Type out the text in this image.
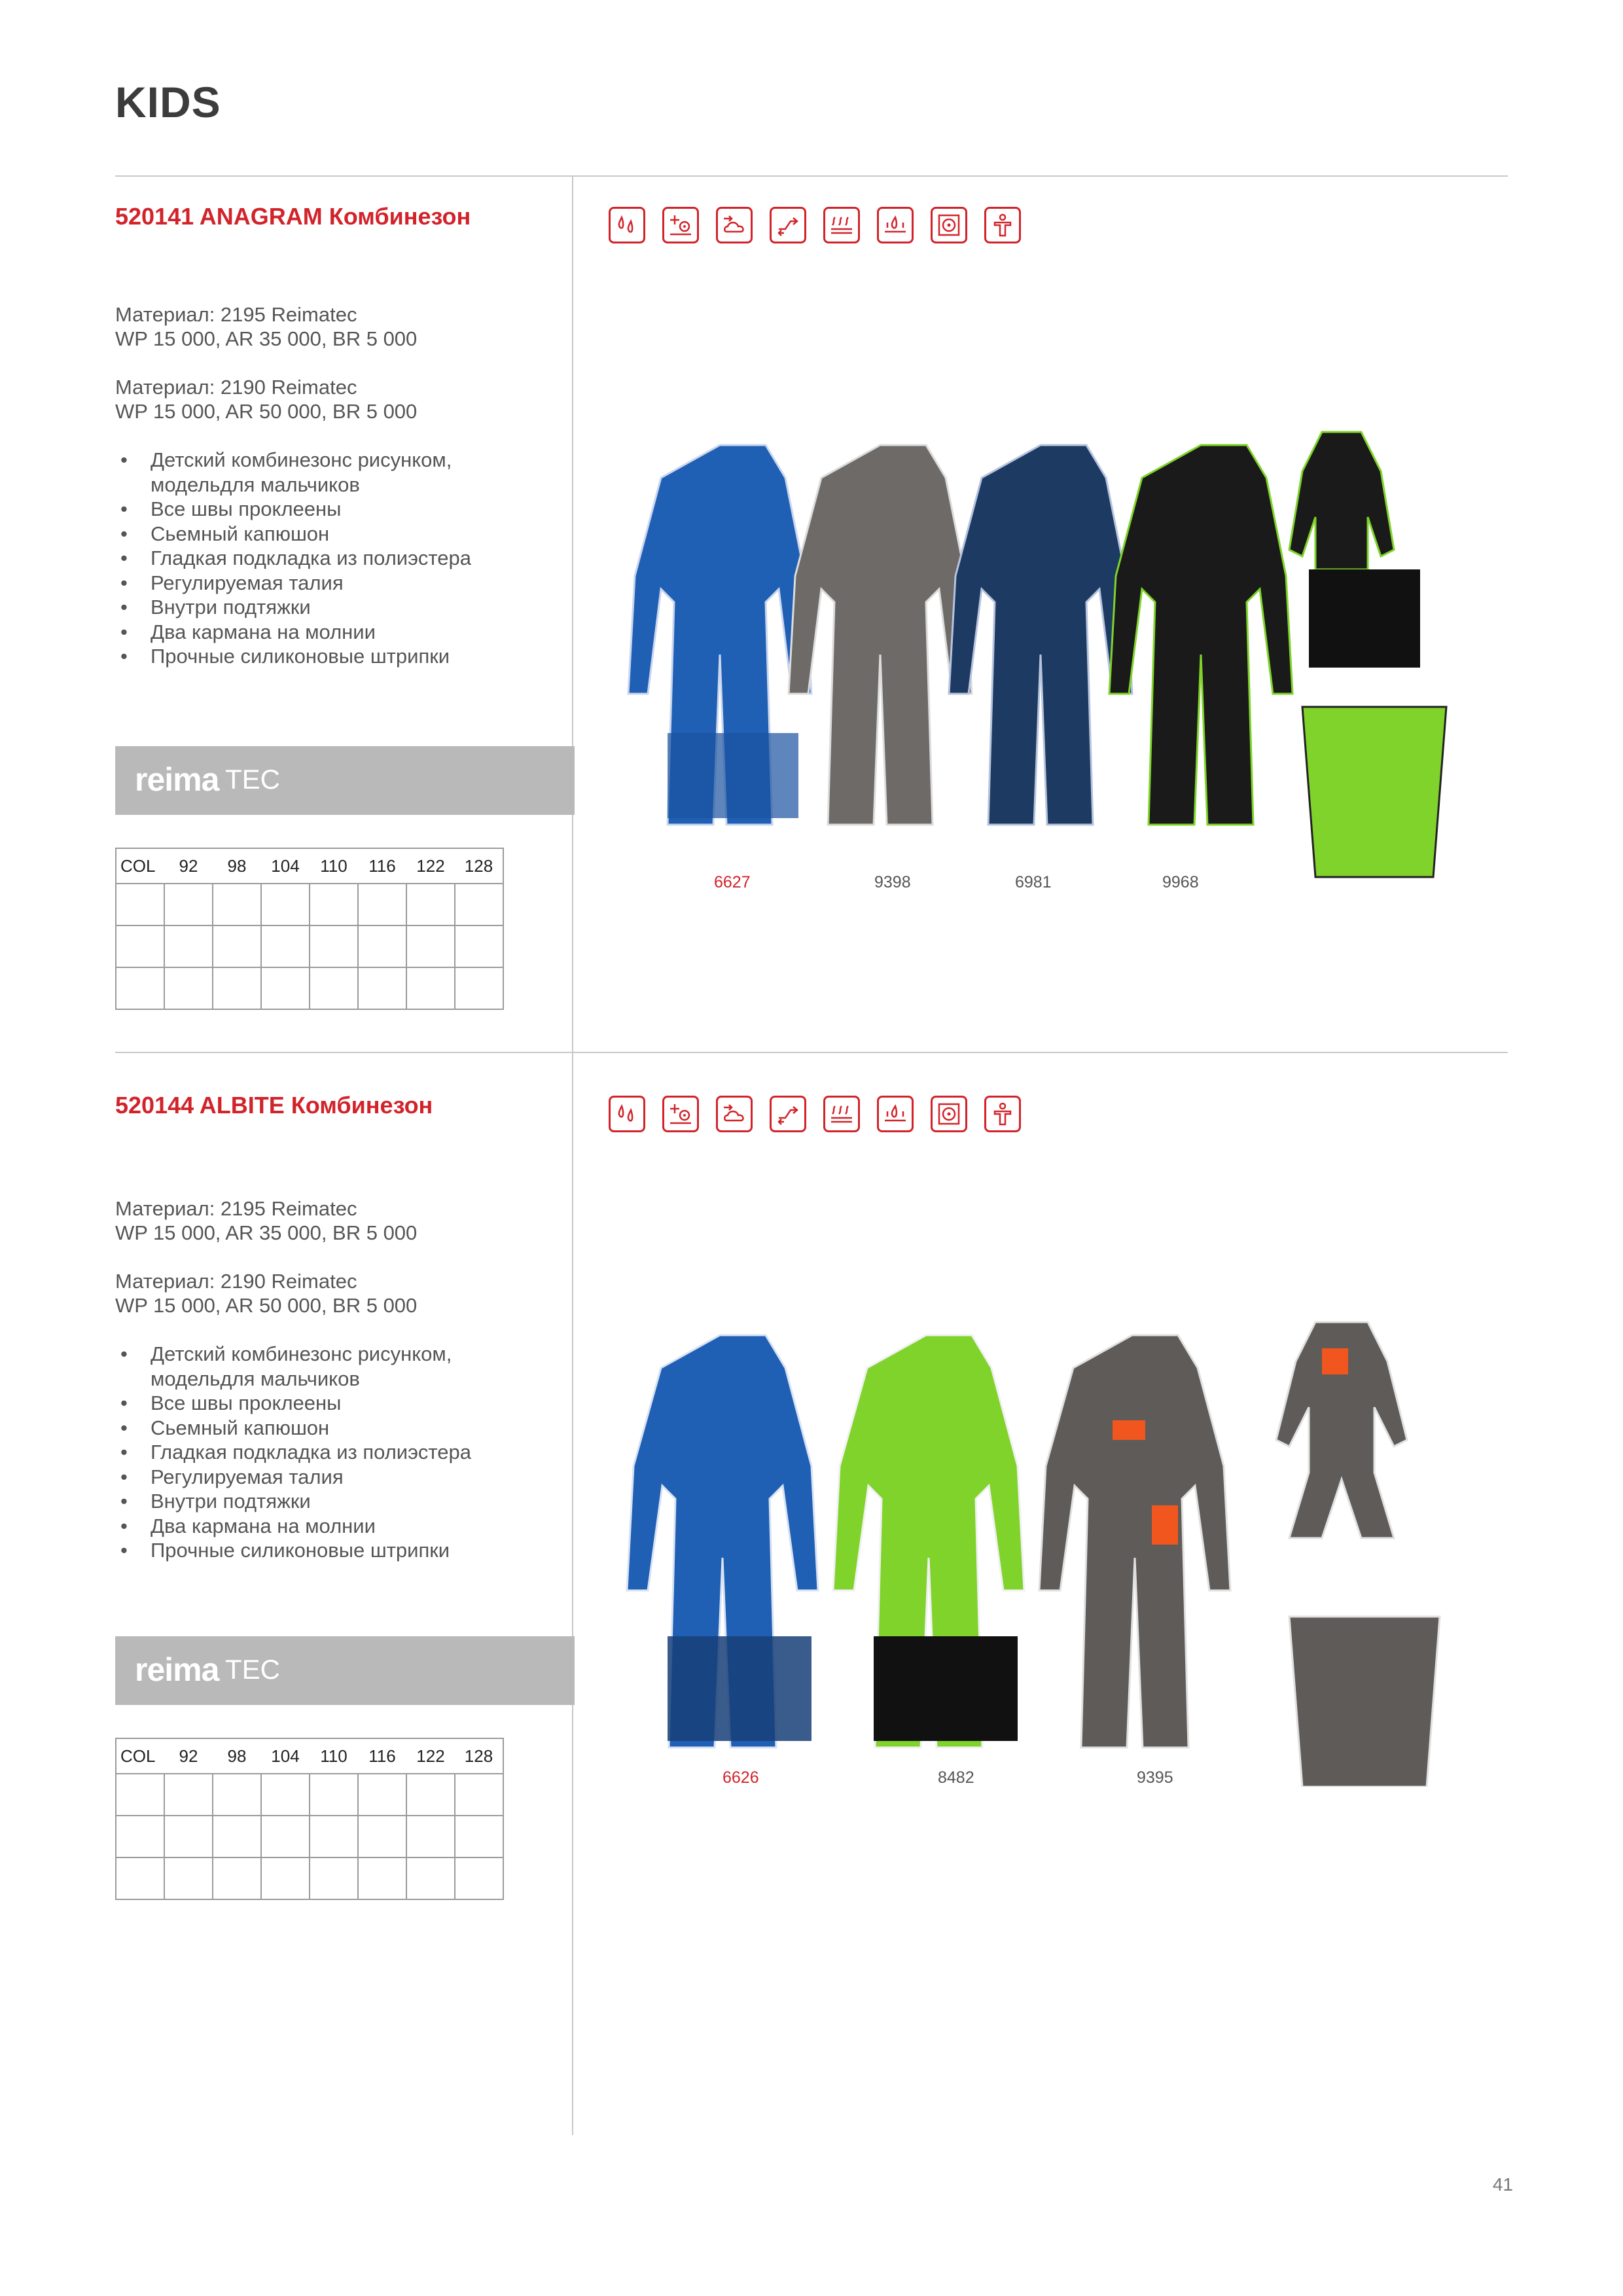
KIDS
520141 ANAGRAM Комбинезон
Материал: 2195 Reimatec
WP 15 000, AR 35 000, BR 5 000
Материал: 2190 Reimatec
WP 15 000, AR 50 000, BR 5 000
• Детский комбинезонс рисунком,
модельдля мальчиков
• Все швы проклеены
• Сьемный капюшон
• Гладкая подкладка из полиэстера
• Регулируемая талия
• Внутри подтяжки
• Два кармана на молнии
• Прочные силиконовые штрипки
reima TEC
COL	92	98	104	110	116	122	128

6627	9398	6981	9968
520144 ALBITE Комбинезон
Материал: 2195 Reimatec
WP 15 000, AR 35 000, BR 5 000
Материал: 2190 Reimatec
WP 15 000, AR 50 000, BR 5 000
• Детский комбинезонс рисунком,
модельдля мальчиков
• Все швы проклеены
• Сьемный капюшон
• Гладкая подкладка из полиэстера
• Регулируемая талия
• Внутри подтяжки
• Два кармана на молнии
• Прочные силиконовые штрипки
reima TEC
COL	92	98	104	110	116	122	128

6626	8482	9395
41
